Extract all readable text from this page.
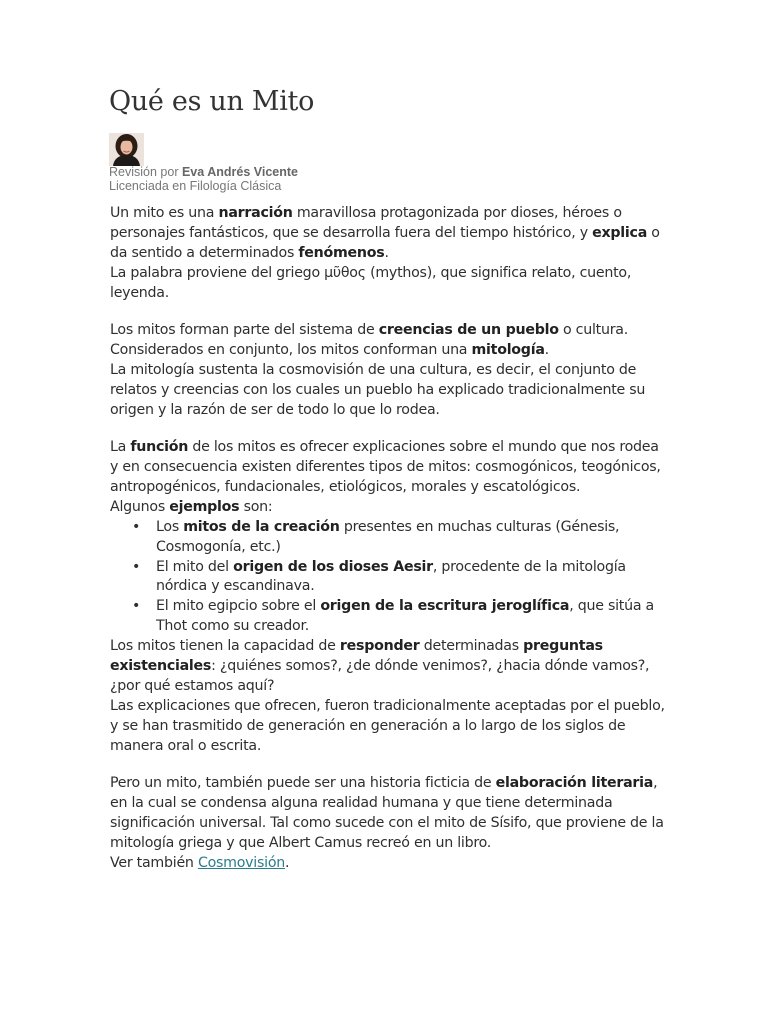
Qué es un Mito
Revisión por Eva Andrés Vicente
Licenciada en Filología Clásica

Un mito es una narración maravillosa protagonizada por dioses, héroes o personajes fantásticos, que se desarrolla fuera del tiempo histórico, y explica o da sentido a determinados fenómenos.

La palabra proviene del griego μῦθος (mythos), que significa relato, cuento, leyenda.

Los mitos forman parte del sistema de creencias de un pueblo o cultura. Considerados en conjunto, los mitos conforman una mitología.

La mitología sustenta la cosmovisión de una cultura, es decir, el conjunto de relatos y creencias con los cuales un pueblo ha explicado tradicionalmente su origen y la razón de ser de todo lo que lo rodea.

La función de los mitos es ofrecer explicaciones sobre el mundo que nos rodea y en consecuencia existen diferentes tipos de mitos: cosmogónicos, teogónicos, antropogénicos, fundacionales, etiológicos, morales y escatológicos.

Algunos ejemplos son:

• Los mitos de la creación presentes en muchas culturas (Génesis, Cosmogonía, etc.)
• El mito del origen de los dioses Aesir, procedente de la mitología nórdica y escandinava.
• El mito egipcio sobre el origen de la escritura jeroglífica, que sitúa a Thot como su creador.

Los mitos tienen la capacidad de responder determinadas preguntas existenciales: ¿quiénes somos?, ¿de dónde venimos?, ¿hacia dónde vamos?, ¿por qué estamos aquí?

Las explicaciones que ofrecen, fueron tradicionalmente aceptadas por el pueblo, y se han trasmitido de generación en generación a lo largo de los siglos de manera oral o escrita.

Pero un mito, también puede ser una historia ficticia de elaboración literaria, en la cual se condensa alguna realidad humana y que tiene determinada significación universal. Tal como sucede con el mito de Sísifo, que proviene de la mitología griega y que Albert Camus recreó en un libro.

Ver también Cosmovisión.
